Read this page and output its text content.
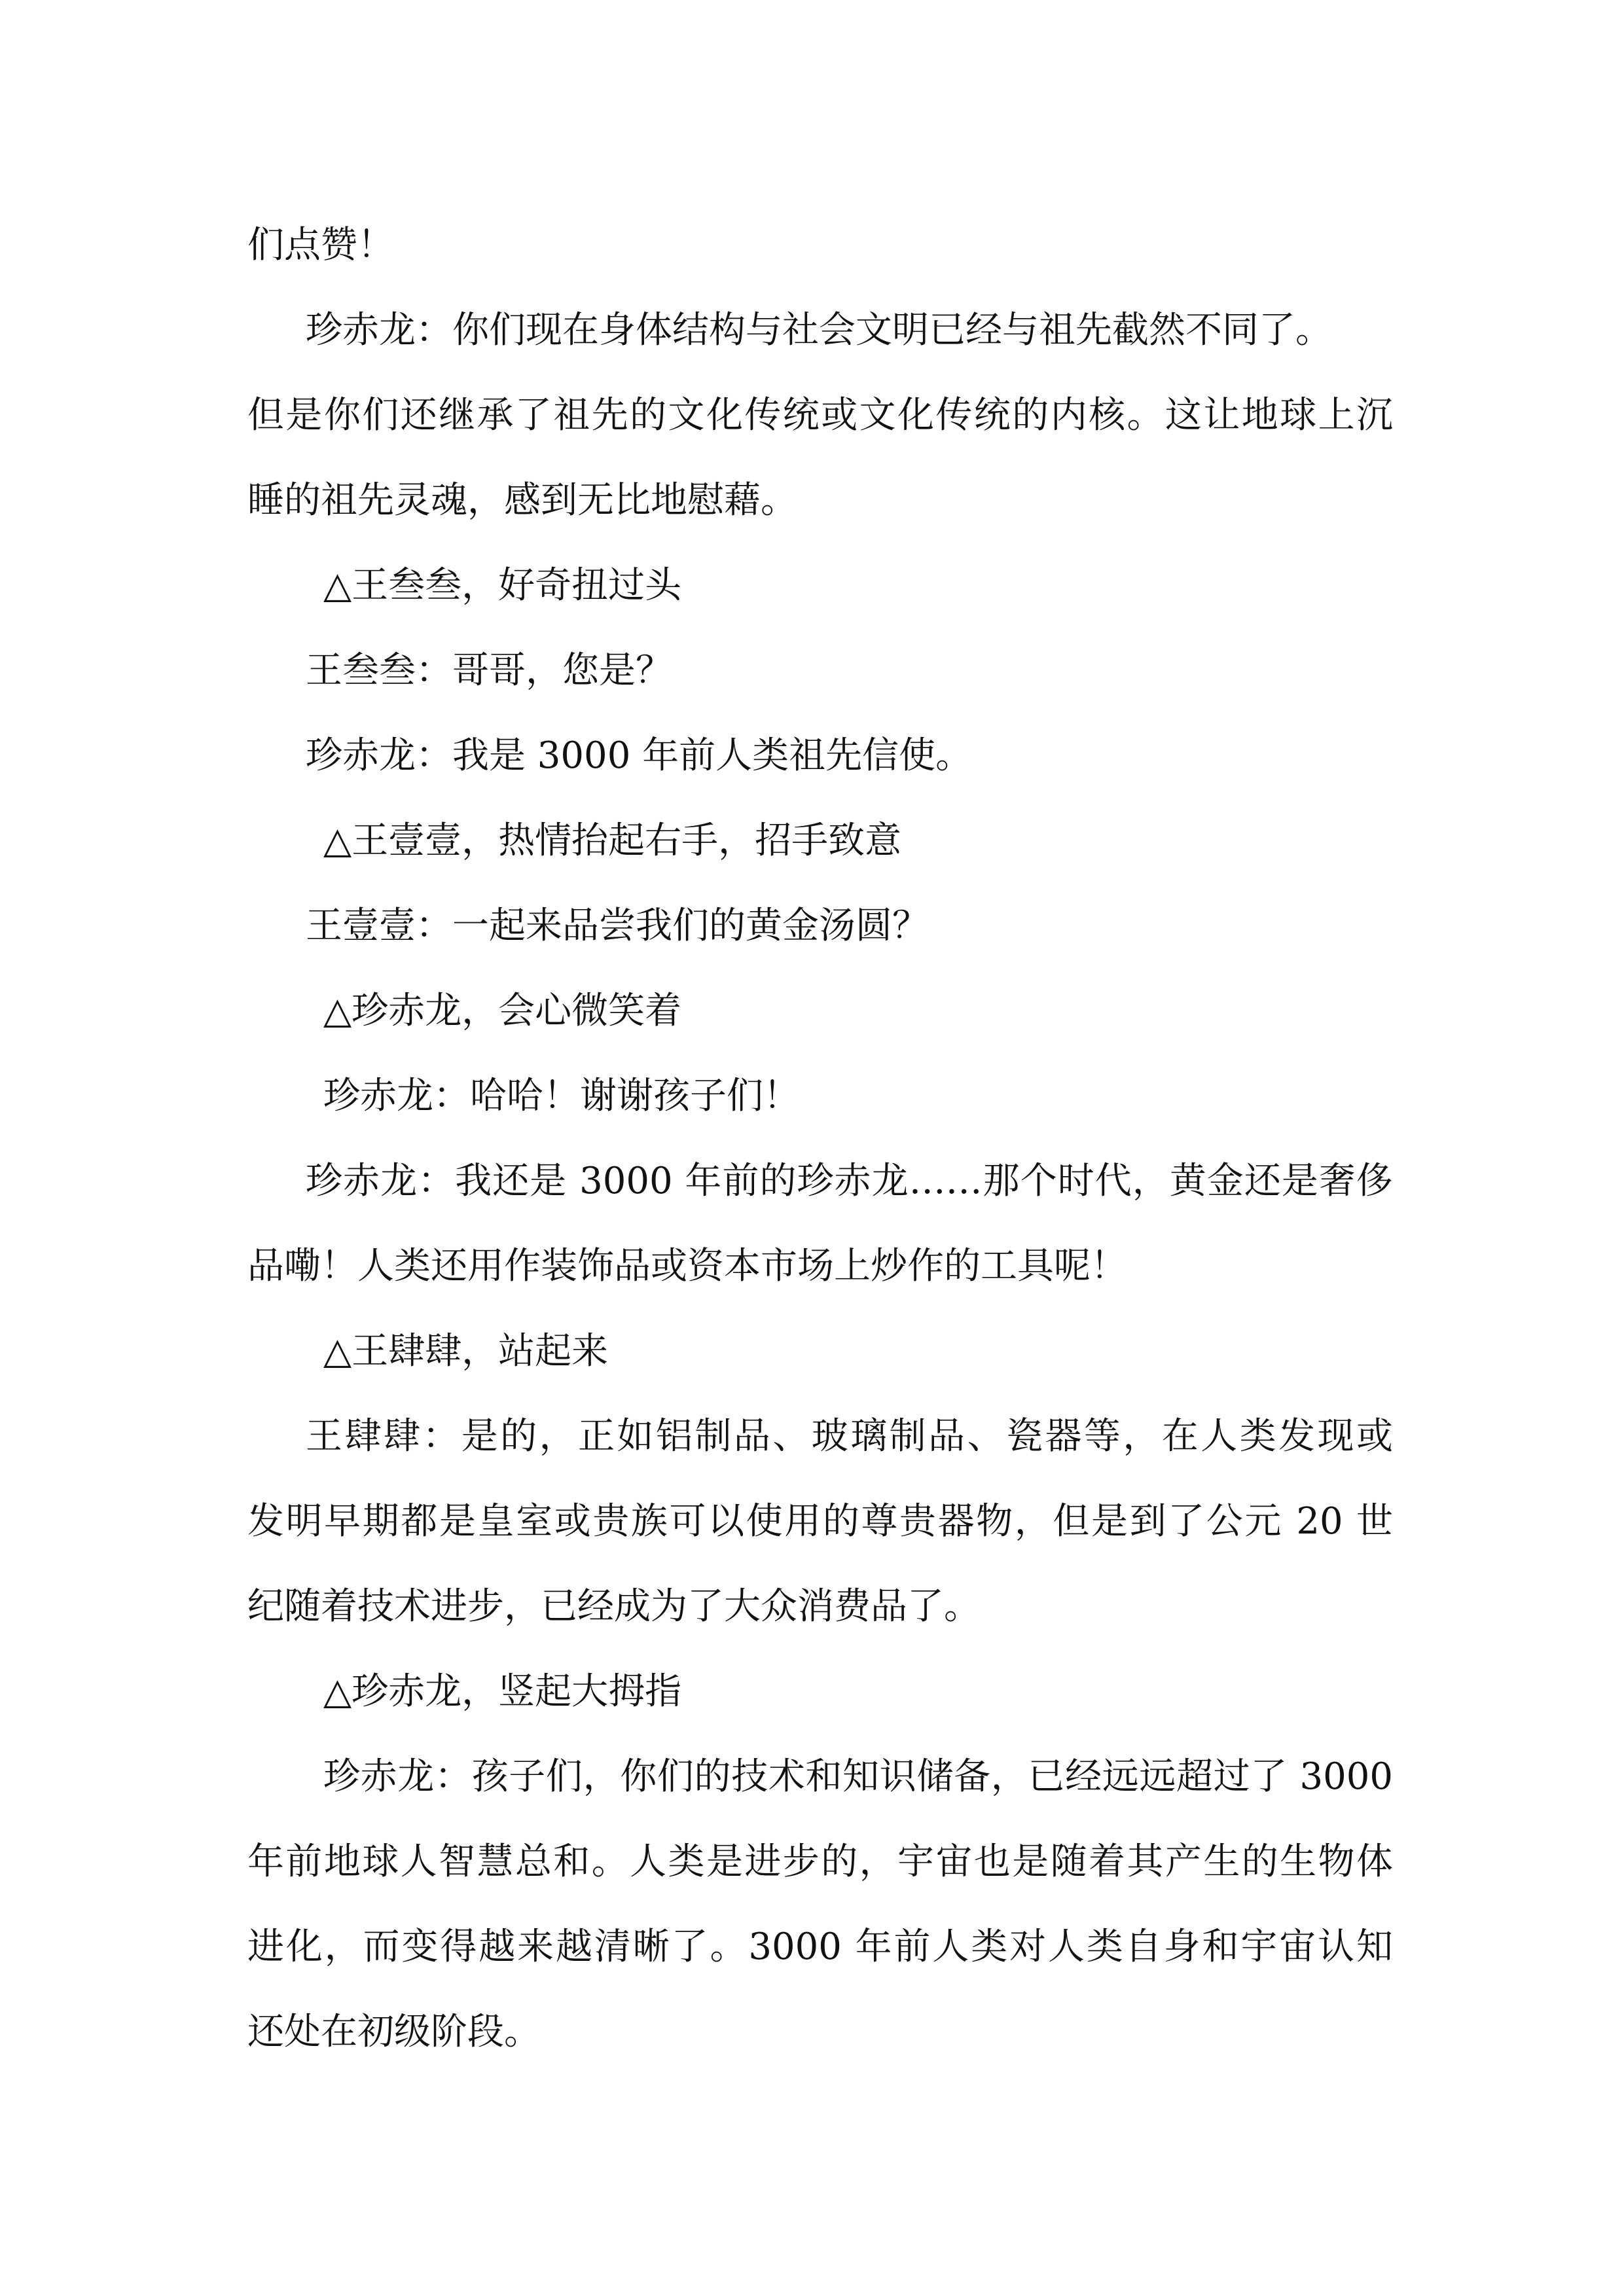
们点赞！
珍赤龙：你们现在身体结构与社会文明已经与祖先截然不同了。
但是你们还继承了祖先的文化传统或文化传统的内核。这让地球上沉
睡的祖先灵魂，感到无比地慰藉。
△王叁叁，好奇扭过头
王叁叁：哥哥，您是？
珍赤龙：我是 3000 年前人类祖先信使。
△王壹壹，热情抬起右手，招手致意
王壹壹：一起来品尝我们的黄金汤圆？
△珍赤龙，会心微笑着
珍赤龙：哈哈！谢谢孩子们！
珍赤龙：我还是 3000 年前的珍赤龙……那个时代，黄金还是奢侈
品嘞！人类还用作装饰品或资本市场上炒作的工具呢！
△王肆肆，站起来
王肆肆：是的，正如铝制品、玻璃制品、瓷器等，在人类发现或
发明早期都是皇室或贵族可以使用的尊贵器物，但是到了公元 20 世
纪随着技术进步，已经成为了大众消费品了。
△珍赤龙，竖起大拇指
珍赤龙：孩子们，你们的技术和知识储备，已经远远超过了 3000
年前地球人智慧总和。人类是进步的，宇宙也是随着其产生的生物体
进化，而变得越来越清晰了。3000 年前人类对人类自身和宇宙认知
还处在初级阶段。
